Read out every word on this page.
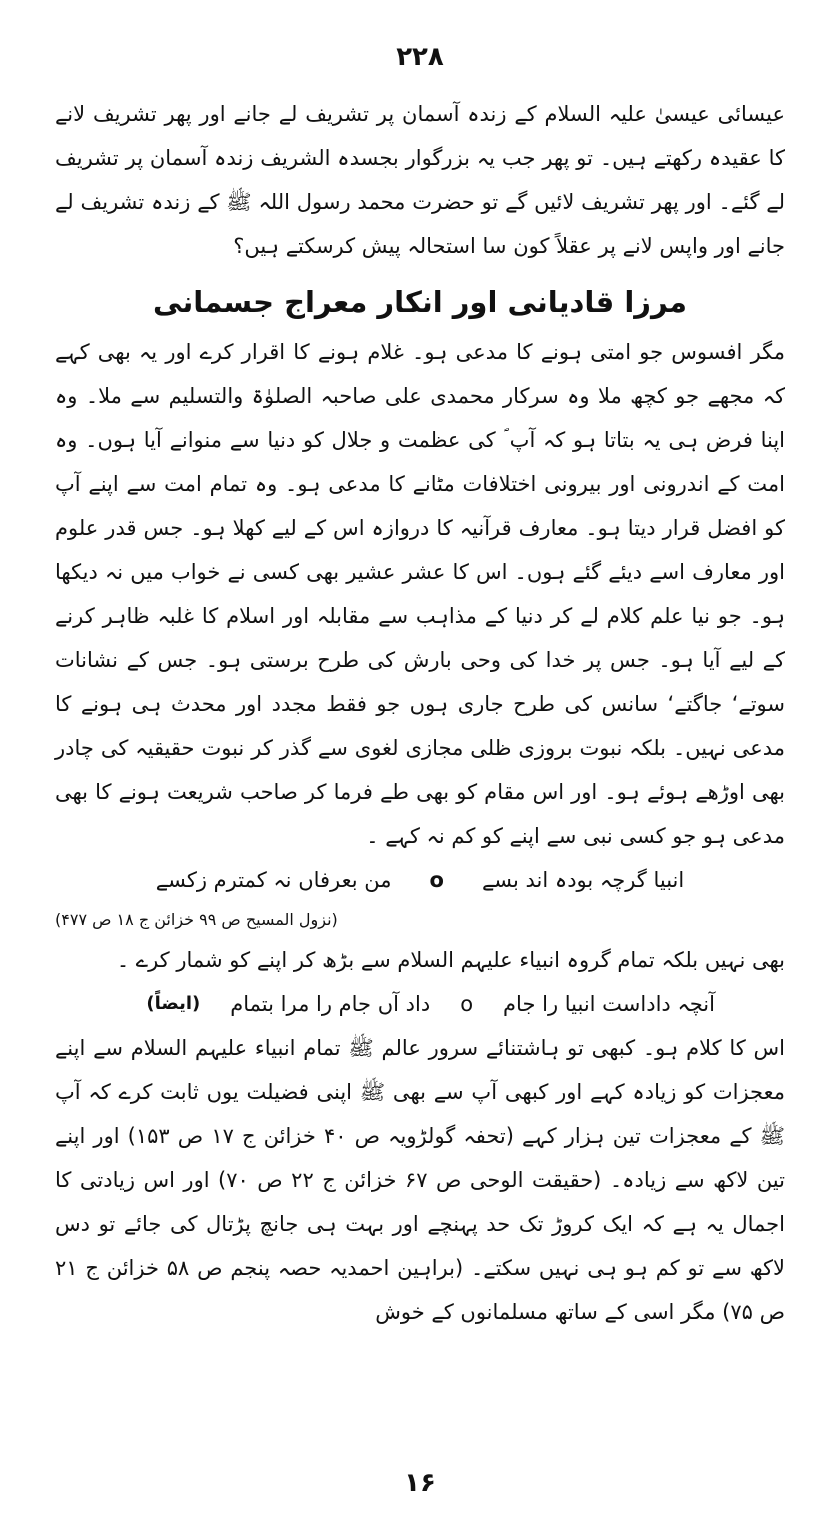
۲۲۸

عیسائی عیسیٰ علیہ السلام کے زندہ آسمان پر تشریف لے جانے اور پھر تشریف لانے کا عقیدہ رکھتے ہیں۔ تو پھر جب یہ بزرگوار بجسدہ الشریف زندہ آسمان پر تشریف لے گئے۔ اور پھر تشریف لائیں گے تو حضرت محمد رسول اللہ ﷺ کے زندہ تشریف لے جانے اور واپس لانے پر عقلاً کون سا استحالہ پیش کرسکتے ہیں؟

مرزا قادیانی اور انکار معراج جسمانی

مگر افسوس جو امتی ہونے کا مدعی ہو۔ غلام ہونے کا اقرار کرے اور یہ بھی کہے کہ مجھے جو کچھ ملا وہ سرکار محمدی علی صاحبہ الصلوٰۃ والتسلیم سے ملا۔ وہ اپنا فرض ہی یہ بتاتا ہو کہ آپ ؐ کی عظمت و جلال کو دنیا سے منوانے آیا ہوں۔ وہ امت کے اندرونی اور بیرونی اختلافات مٹانے کا مدعی ہو۔ وہ تمام امت سے اپنے آپ کو افضل قرار دیتا ہو۔ معارف قرآنیہ کا دروازہ اس کے لیے کھلا ہو۔ جس قدر علوم اور معارف اسے دیئے گئے ہوں۔ اس کا عشر عشیر بھی کسی نے خواب میں نہ دیکھا ہو۔ جو نیا علم کلام لے کر دنیا کے مذاہب سے مقابلہ اور اسلام کا غلبہ ظاہر کرنے کے لیے آیا ہو۔ جس پر خدا کی وحی بارش کی طرح برستی ہو۔ جس کے نشانات سوتے‘ جاگتے‘ سانس کی طرح جاری ہوں جو فقط مجدد اور محدث ہی ہونے کا مدعی نہیں۔ بلکہ نبوت بروزی ظلی مجازی لغوی سے گذر کر نبوت حقیقیہ کی چادر بھی اوڑھے ہوئے ہو۔ اور اس مقام کو بھی طے فرما کر صاحب شریعت ہونے کا بھی مدعی ہو جو کسی نبی سے اپنے کو کم نہ کہے ۔

انبیا گرچہ بودہ اند بسے
o
من بعرفاں نہ کمترم زکسے
(نزول المسیح ص ۹۹ خزائن ج ۱۸ ص ۴۷۷)

بھی نہیں بلکہ تمام گروہ انبیاء علیہم السلام سے بڑھ کر اپنے کو شمار کرے ۔

آنچہ داداست انبیا را جام
o
داد آں جام را مرا بتمام
(ایضاً)

اس کا کلام ہو۔ کبھی تو ہاشتنائے سرور عالم ﷺ تمام انبیاء علیہم السلام سے اپنے معجزات کو زیادہ کہے اور کبھی آپ سے بھی ﷺ اپنی فضیلت یوں ثابت کرے کہ آپ ﷺ کے معجزات تین ہزار کہے (تحفہ گولڑویہ ص ۴۰ خزائن ج ۱۷ ص ۱۵۳) اور اپنے تین لاکھ سے زیادہ۔ (حقیقت الوحی ص ۶۷ خزائن ج ۲۲ ص ۷۰) اور اس زیادتی کا اجمال یہ ہے کہ ایک کروڑ تک حد پہنچے اور بہت ہی جانچ پڑتال کی جائے تو دس لاکھ سے تو کم ہو ہی نہیں سکتے۔ (براہین احمدیہ حصہ پنجم ص ۵۸ خزائن ج ۲۱ ص ۷۵) مگر اسی کے ساتھ مسلمانوں کے خوش

۱۶
